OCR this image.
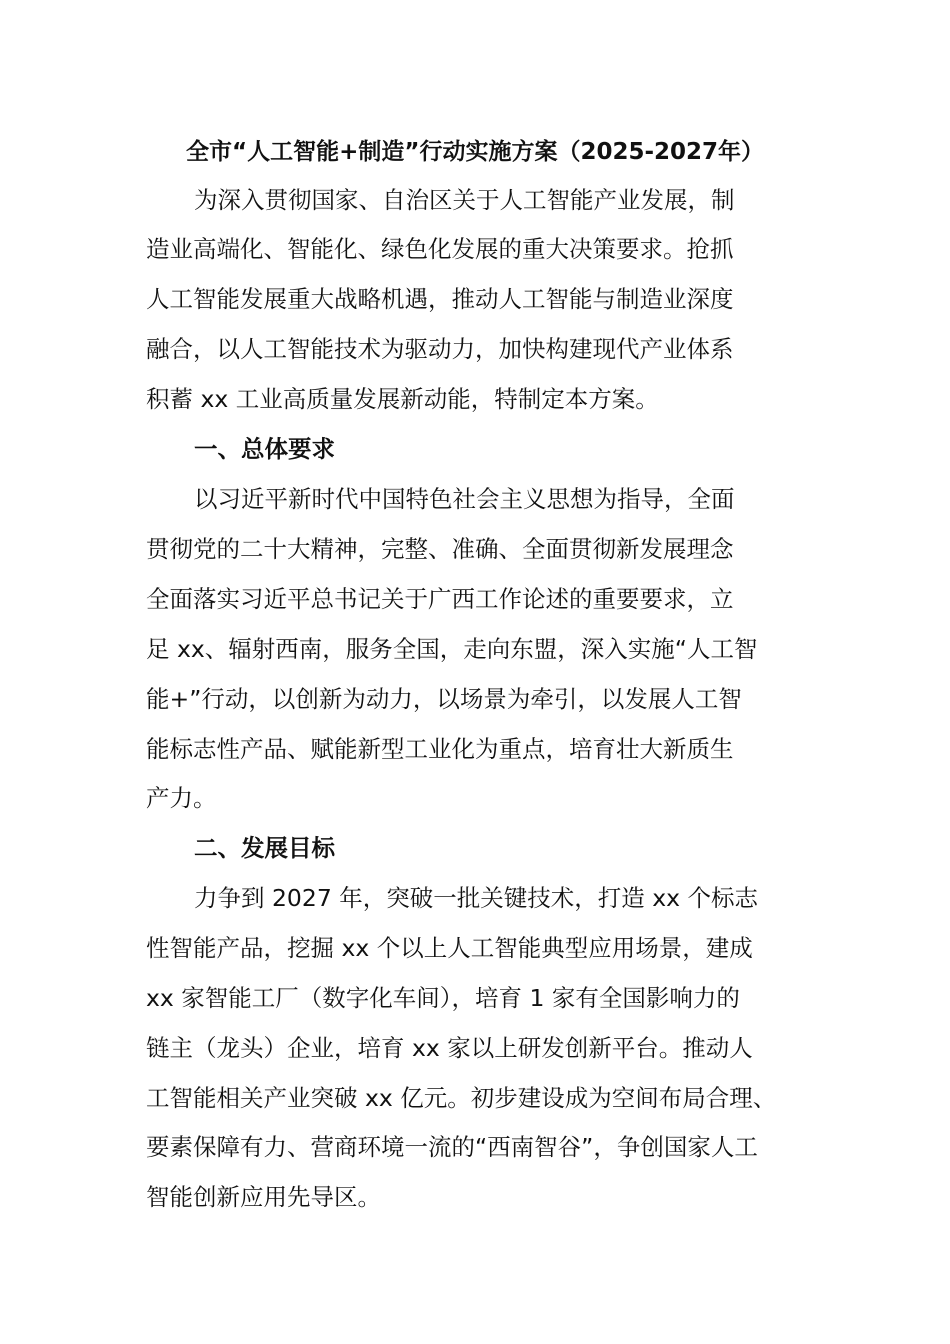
全市“人工智能+制造”行动实施方案（2025-2027年）
为深入贯彻国家、自治区关于人工智能产业发展，制
造业高端化、智能化、绿色化发展的重大决策要求。抢抓
人工智能发展重大战略机遇，推动人工智能与制造业深度
融合，以人工智能技术为驱动力，加快构建现代产业体系
积蓄 xx 工业高质量发展新动能，特制定本方案。
一、总体要求
以习近平新时代中国特色社会主义思想为指导，全面
贯彻党的二十大精神，完整、准确、全面贯彻新发展理念
全面落实习近平总书记关于广西工作论述的重要要求，立
足 xx、辐射西南，服务全国，走向东盟，深入实施“人工智
能+”行动，以创新为动力，以场景为牵引，以发展人工智
能标志性产品、赋能新型工业化为重点，培育壮大新质生
产力。
二、发展目标
力争到 2027 年，突破一批关键技术，打造 xx 个标志
性智能产品，挖掘 xx 个以上人工智能典型应用场景，建成
xx 家智能工厂（数字化车间），培育 1 家有全国影响力的
链主（龙头）企业，培育 xx 家以上研发创新平台。推动人
工智能相关产业突破 xx 亿元。初步建设成为空间布局合理、
要素保障有力、营商环境一流的“西南智谷”，争创国家人工
智能创新应用先导区。
